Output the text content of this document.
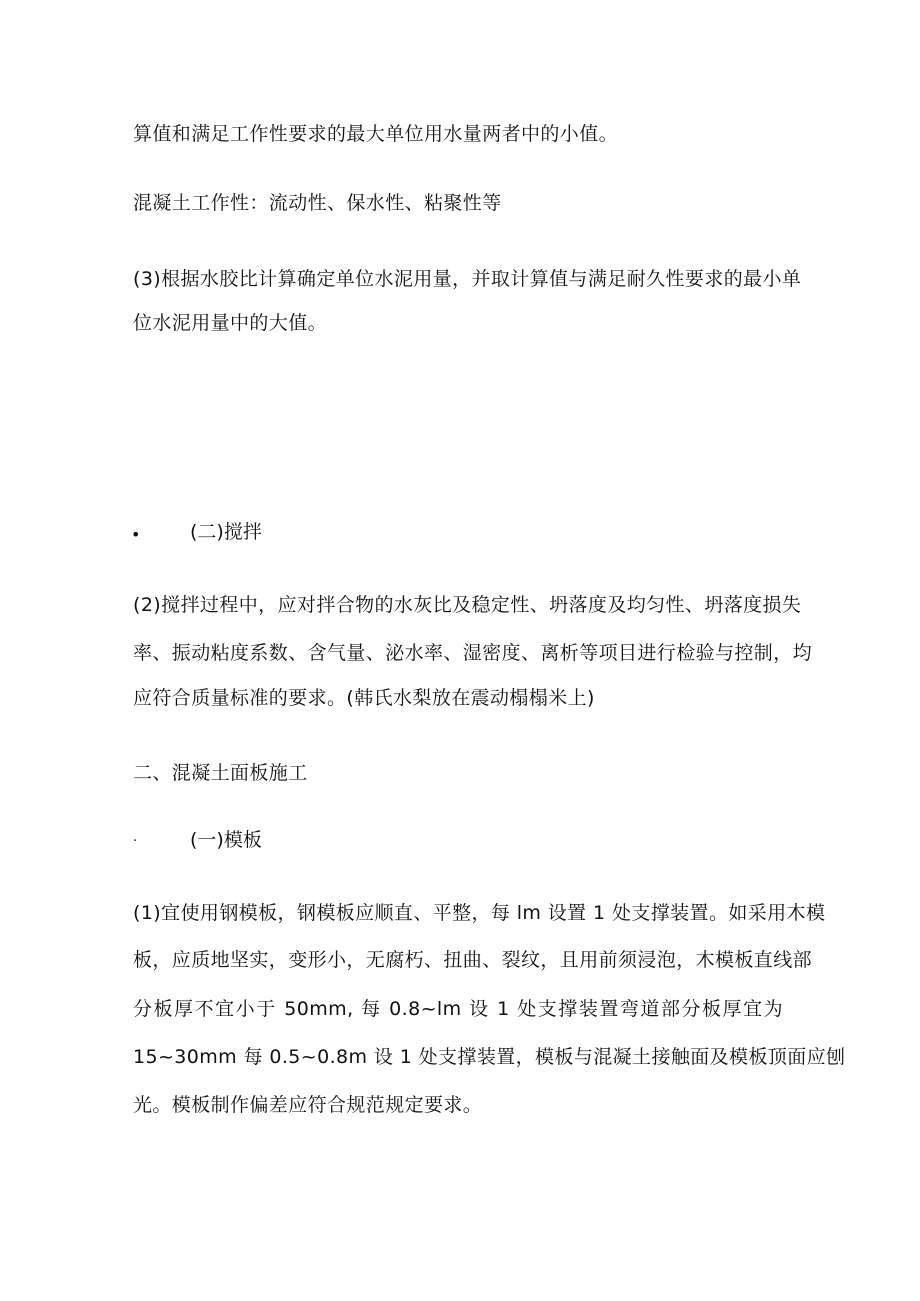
算值和满足工作性要求的最大单位用水量两者中的小值。
混凝土工作性：流动性、保水性、粘聚性等
(3)根据水胶比计算确定单位水泥用量，并取计算值与满足耐久性要求的最小单
位水泥用量中的大值。
•	(二)搅拌
(2)搅拌过程中，应对拌合物的水灰比及稳定性、坍落度及均匀性、坍落度损失
率、振动粘度系数、含气量、泌水率、湿密度、离析等项目进行检验与控制，均
应符合质量标准的要求。(韩氏水梨放在震动榻榻米上)
二、混凝土面板施工
·	(一)模板
(1)宜使用钢模板，钢模板应顺直、平整，每 lm 设置 1 处支撑装置。如采用木模
板，应质地坚实，变形小，无腐朽、扭曲、裂纹，且用前须浸泡，木模板直线部
分板厚不宜小于 50mm, 每 0.8~lm 设 1 处支撑装置弯道部分板厚宜为
15~30mm 每 0.5~0.8m 设 1 处支撑装置，模板与混凝土接触面及模板顶面应刨
光。模板制作偏差应符合规范规定要求。
